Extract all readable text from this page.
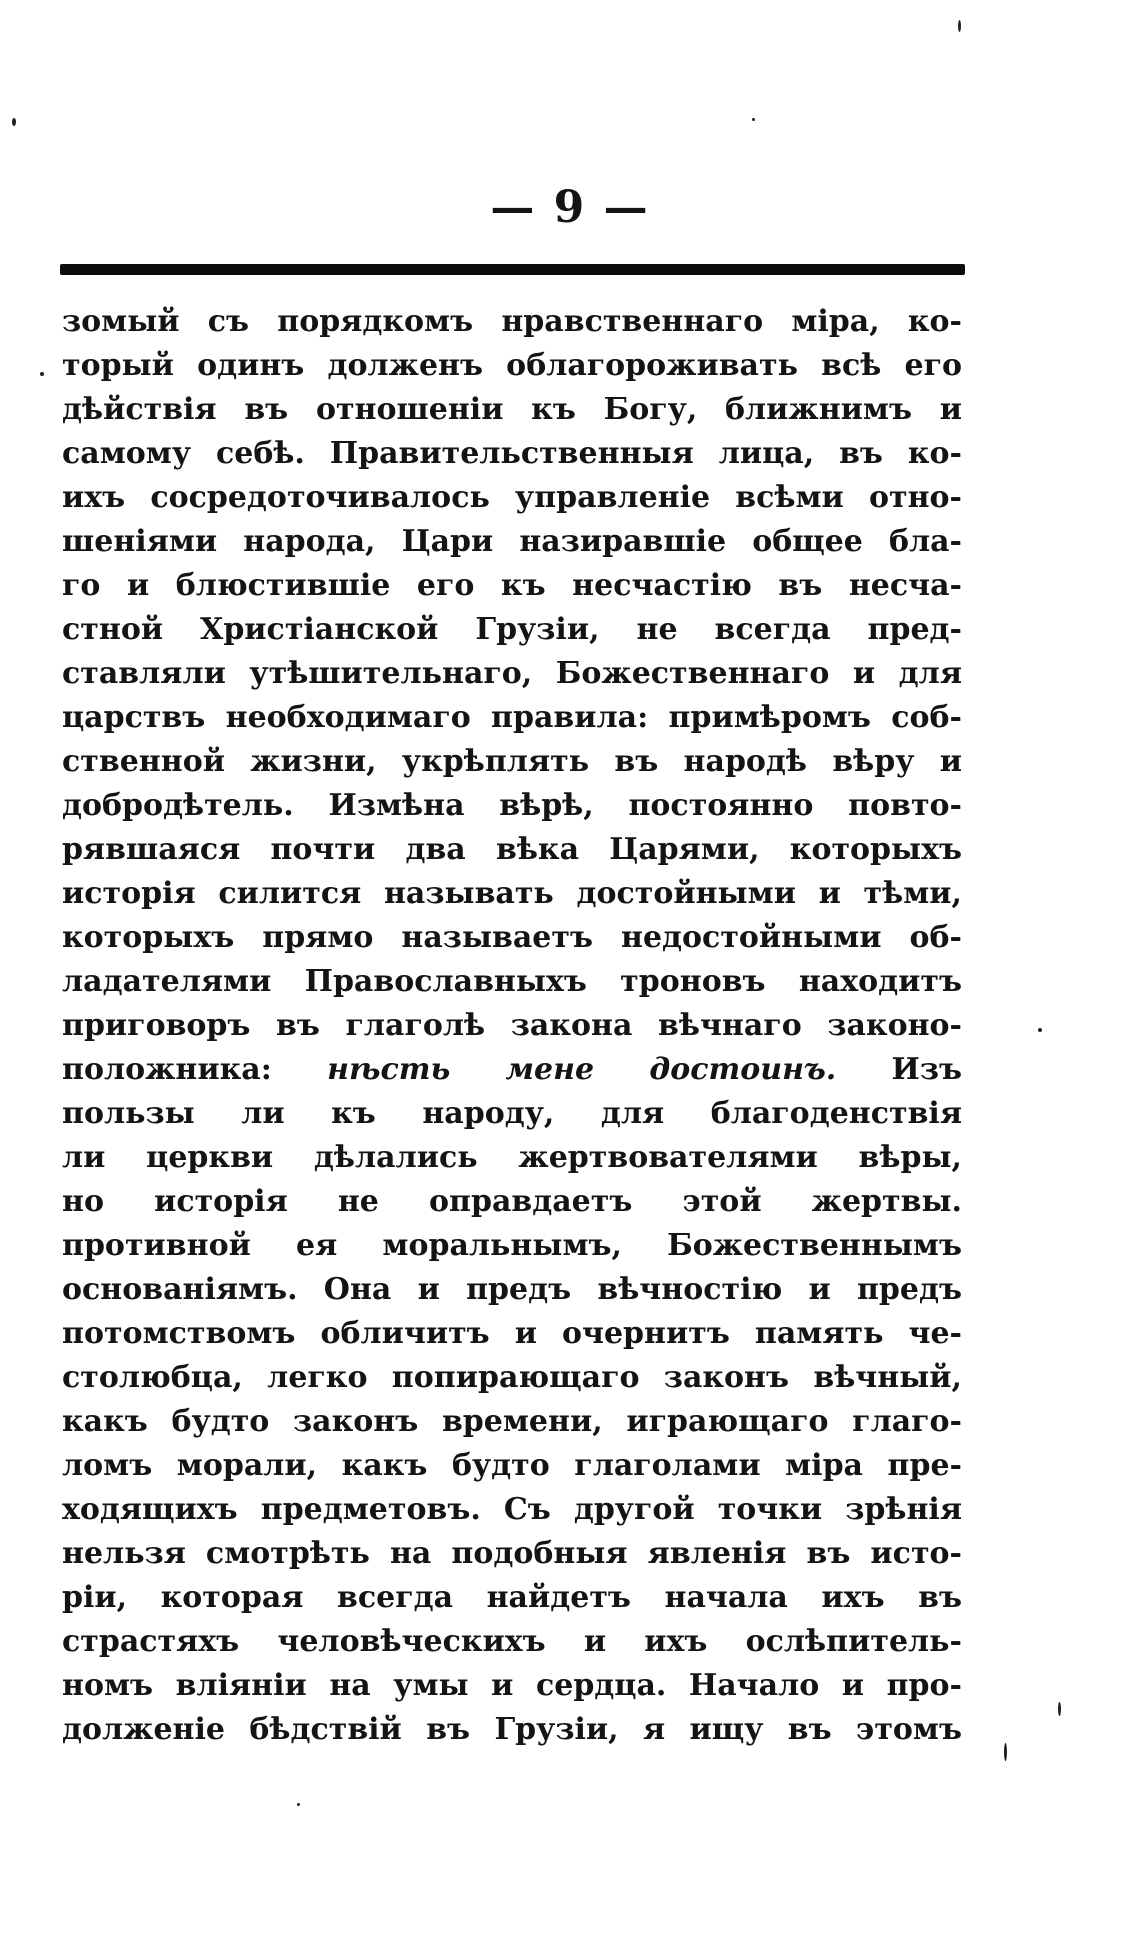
— 9 —
зомый съ порядкомъ нравственнаго міра, ко-
торый одинъ долженъ облагороживать всѣ его
дѣйствія въ отношеніи къ Богу, ближнимъ и
самому себѣ. Правительственныя лица, въ ко-
ихъ сосредоточивалось управленіе всѣми отно-
шеніями народа, Цари назиравшіе общее бла-
го и блюстившіе его къ несчастію въ несча-
стной Христіанской Грузіи, не всегда пред-
ставляли утѣшительнаго, Божественнаго и для
царствъ необходимаго правила: примѣромъ соб-
ственной жизни, укрѣплять въ народѣ вѣру и
добродѣтель. Измѣна вѣрѣ, постоянно повто-
рявшаяся почти два вѣка Царями, которыхъ
исторія силится называть достойными и тѣми,
которыхъ прямо называетъ недостойными об-
ладателями Православныхъ троновъ находитъ
приговоръ въ глаголѣ закона вѣчнаго законо-
положника: нѣсть мене достоинъ. Изъ
пользы ли къ народу, для благоденствія
ли церкви дѣлались жертвователями вѣры,
но исторія не оправдаетъ этой жертвы.
противной ея моральнымъ, Божественнымъ
основаніямъ. Она и предъ вѣчностію и предъ
потомствомъ обличитъ и очернитъ память че-
столюбца, легко попирающаго законъ вѣчный,
какъ будто законъ времени, играющаго глаго-
ломъ морали, какъ будто глаголами міра пре-
ходящихъ предметовъ. Съ другой точки зрѣнія
нельзя смотрѣть на подобныя явленія въ исто-
ріи, которая всегда найдетъ начала ихъ въ
страстяхъ человѣческихъ и ихъ ослѣпитель-
номъ вліяніи на умы и сердца. Начало и про-
долженіе бѣдствій въ Грузіи, я ищу въ этомъ
